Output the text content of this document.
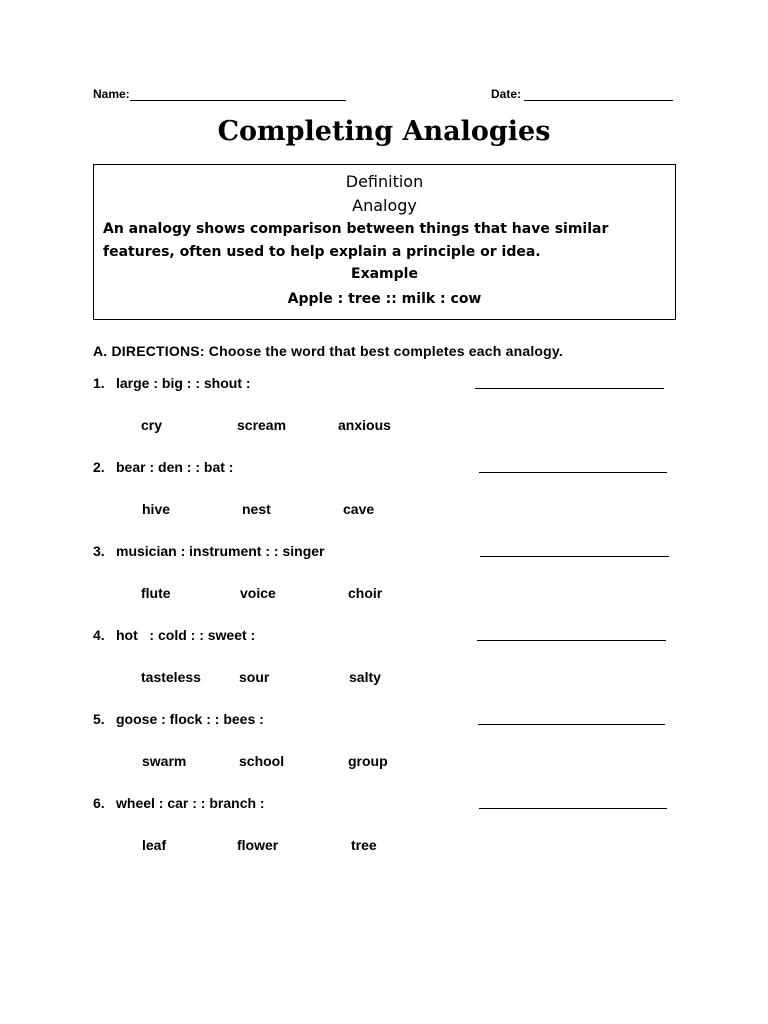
Name:	Date:
Completing Analogies
Definition
Analogy
An analogy shows comparison between things that have similar features, often used to help explain a principle or idea.
Example
Apple : tree :: milk : cow
A. DIRECTIONS: Choose the word that best completes each analogy.
1. large : big : : shout :
cry	scream	anxious
2. bear : den : : bat :
hive	nest	cave
3. musician : instrument : : singer
flute	voice	choir
4. hot   : cold : : sweet :
tasteless	sour	salty
5. goose : flock : : bees :
swarm	school	group
6. wheel : car : : branch :
leaf	flower	tree
